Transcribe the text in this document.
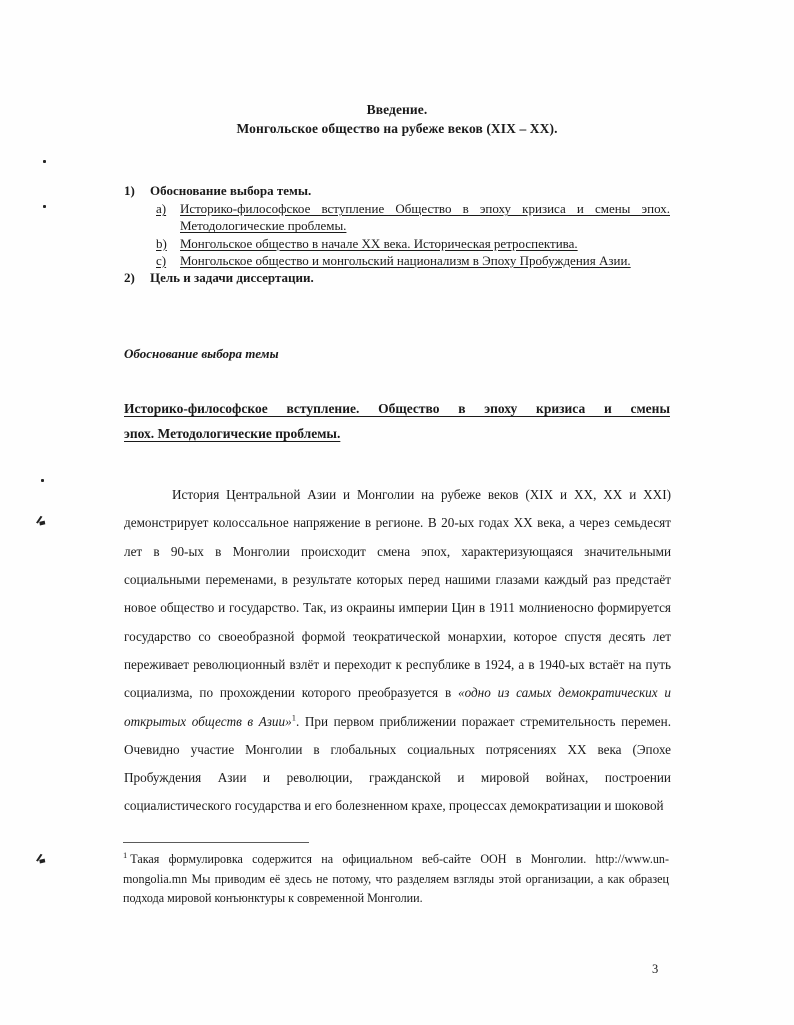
Введение.
Монгольское общество на рубеже веков (XIX – XX).
1)	Обоснование выбора темы.
a)	Историко-философское вступление Общество в эпоху кризиса и смены эпох. Методологические проблемы.
b)	Монгольское общество в начале XX века. Историческая ретроспектива.
c)	Монгольское общество и монгольский национализм в Эпоху Пробуждения Азии.
2)	Цель и задачи диссертации.
Обоснование выбора темы
Историко-философское вступление. Общество в эпоху кризиса и смены
эпох. Методологические проблемы.

История Центральной Азии и Монголии на рубеже веков (XIX и XX, XX и XXI) демонстрирует колоссальное напряжение в регионе. В 20-ых годах XX века, а через семьдесят лет в 90-ых в Монголии происходит смена эпох, характеризующаяся значительными социальными переменами, в результате которых перед нашими глазами каждый раз предстаёт новое общество и государство. Так, из окраины империи Цин в 1911 молниеносно формируется государство со своеобразной формой теократической монархии, которое спустя десять лет переживает революционный взлёт и переходит к республике в 1924, а в 1940-ых встаёт на путь социализма, по прохождении которого преобразуется в «одно из самых демократических и открытых обществ в Азии»$^1$. При первом приближении поражает стремительность перемен. Очевидно участие Монголии в глобальных социальных потрясениях XX века (Эпохе Пробуждения Азии и революции, гражданской и мировой войнах, построении социалистического государства и его болезненном крахе, процессах демократизации и шоковой

$^1$ Такая формулировка содержится на официальном веб-сайте ООН в Монголии. http://www.un-mongolia.mn Мы приводим её здесь не потому, что разделяем взгляды этой организации, а как образец подхода мировой конъюнктуры к современной Монголии.
3
